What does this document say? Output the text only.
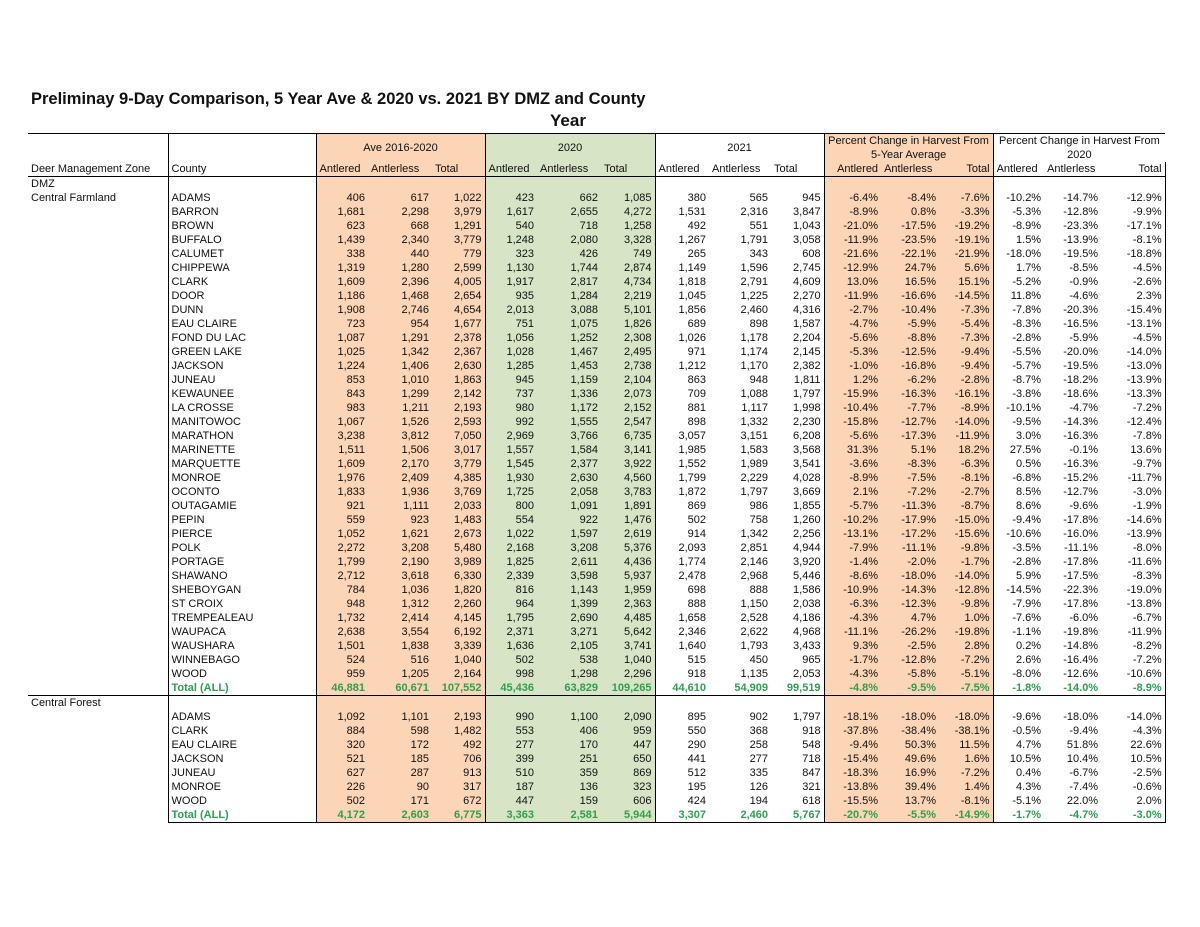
Preliminay 9-Day Comparison, 5 Year Ave & 2020 vs. 2021 BY DMZ and County
Year
		Ave 2016-2020			2020			2021			Percent Change in Harvest From 5-Year Average			Percent Change in Harvest From 2020		
Deer Management Zone	County	Antlered	Antlerless	Total	Antlered	Antlerless	Total	Antlered	Antlerless	Total	Antlered	Antlerless	Total	Antlered	Antlerless	Total
DMZ																
Central Farmland	ADAMS	406	617	1,022	423	662	1,085	380	565	945	-6.4%	-8.4%	-7.6%	-10.2%	-14.7%	-12.9%
	BARRON	1,681	2,298	3,979	1,617	2,655	4,272	1,531	2,316	3,847	-8.9%	0.8%	-3.3%	-5.3%	-12.8%	-9.9%
	BROWN	623	668	1,291	540	718	1,258	492	551	1,043	-21.0%	-17.5%	-19.2%	-8.9%	-23.3%	-17.1%
	BUFFALO	1,439	2,340	3,779	1,248	2,080	3,328	1,267	1,791	3,058	-11.9%	-23.5%	-19.1%	1.5%	-13.9%	-8.1%
	CALUMET	338	440	779	323	426	749	265	343	608	-21.6%	-22.1%	-21.9%	-18.0%	-19.5%	-18.8%
	CHIPPEWA	1,319	1,280	2,599	1,130	1,744	2,874	1,149	1,596	2,745	-12.9%	24.7%	5.6%	1.7%	-8.5%	-4.5%
	CLARK	1,609	2,396	4,005	1,917	2,817	4,734	1,818	2,791	4,609	13.0%	16.5%	15.1%	-5.2%	-0.9%	-2.6%
	DOOR	1,186	1,468	2,654	935	1,284	2,219	1,045	1,225	2,270	-11.9%	-16.6%	-14.5%	11.8%	-4.6%	2.3%
	DUNN	1,908	2,746	4,654	2,013	3,088	5,101	1,856	2,460	4,316	-2.7%	-10.4%	-7.3%	-7.8%	-20.3%	-15.4%
	EAU CLAIRE	723	954	1,677	751	1,075	1,826	689	898	1,587	-4.7%	-5.9%	-5.4%	-8.3%	-16.5%	-13.1%
	FOND DU LAC	1,087	1,291	2,378	1,056	1,252	2,308	1,026	1,178	2,204	-5.6%	-8.8%	-7.3%	-2.8%	-5.9%	-4.5%
	GREEN LAKE	1,025	1,342	2,367	1,028	1,467	2,495	971	1,174	2,145	-5.3%	-12.5%	-9.4%	-5.5%	-20.0%	-14.0%
	JACKSON	1,224	1,406	2,630	1,285	1,453	2,738	1,212	1,170	2,382	-1.0%	-16.8%	-9.4%	-5.7%	-19.5%	-13.0%
	JUNEAU	853	1,010	1,863	945	1,159	2,104	863	948	1,811	1.2%	-6.2%	-2.8%	-8.7%	-18.2%	-13.9%
	KEWAUNEE	843	1,299	2,142	737	1,336	2,073	709	1,088	1,797	-15.9%	-16.3%	-16.1%	-3.8%	-18.6%	-13.3%
	LA CROSSE	983	1,211	2,193	980	1,172	2,152	881	1,117	1,998	-10.4%	-7.7%	-8.9%	-10.1%	-4.7%	-7.2%
	MANITOWOC	1,067	1,526	2,593	992	1,555	2,547	898	1,332	2,230	-15.8%	-12.7%	-14.0%	-9.5%	-14.3%	-12.4%
	MARATHON	3,238	3,812	7,050	2,969	3,766	6,735	3,057	3,151	6,208	-5.6%	-17.3%	-11.9%	3.0%	-16.3%	-7.8%
	MARINETTE	1,511	1,506	3,017	1,557	1,584	3,141	1,985	1,583	3,568	31.3%	5.1%	18.2%	27.5%	-0.1%	13.6%
	MARQUETTE	1,609	2,170	3,779	1,545	2,377	3,922	1,552	1,989	3,541	-3.6%	-8.3%	-6.3%	0.5%	-16.3%	-9.7%
	MONROE	1,976	2,409	4,385	1,930	2,630	4,560	1,799	2,229	4,028	-8.9%	-7.5%	-8.1%	-6.8%	-15.2%	-11.7%
	OCONTO	1,833	1,936	3,769	1,725	2,058	3,783	1,872	1,797	3,669	2.1%	-7.2%	-2.7%	8.5%	-12.7%	-3.0%
	OUTAGAMIE	921	1,111	2,033	800	1,091	1,891	869	986	1,855	-5.7%	-11.3%	-8.7%	8.6%	-9.6%	-1.9%
	PEPIN	559	923	1,483	554	922	1,476	502	758	1,260	-10.2%	-17.9%	-15.0%	-9.4%	-17.8%	-14.6%
	PIERCE	1,052	1,621	2,673	1,022	1,597	2,619	914	1,342	2,256	-13.1%	-17.2%	-15.6%	-10.6%	-16.0%	-13.9%
	POLK	2,272	3,208	5,480	2,168	3,208	5,376	2,093	2,851	4,944	-7.9%	-11.1%	-9.8%	-3.5%	-11.1%	-8.0%
	PORTAGE	1,799	2,190	3,989	1,825	2,611	4,436	1,774	2,146	3,920	-1.4%	-2.0%	-1.7%	-2.8%	-17.8%	-11.6%
	SHAWANO	2,712	3,618	6,330	2,339	3,598	5,937	2,478	2,968	5,446	-8.6%	-18.0%	-14.0%	5.9%	-17.5%	-8.3%
	SHEBOYGAN	784	1,036	1,820	816	1,143	1,959	698	888	1,586	-10.9%	-14.3%	-12.8%	-14.5%	-22.3%	-19.0%
	ST CROIX	948	1,312	2,260	964	1,399	2,363	888	1,150	2,038	-6.3%	-12.3%	-9.8%	-7.9%	-17.8%	-13.8%
	TREMPEALEAU	1,732	2,414	4,145	1,795	2,690	4,485	1,658	2,528	4,186	-4.3%	4.7%	1.0%	-7.6%	-6.0%	-6.7%
	WAUPACA	2,638	3,554	6,192	2,371	3,271	5,642	2,346	2,622	4,968	-11.1%	-26.2%	-19.8%	-1.1%	-19.8%	-11.9%
	WAUSHARA	1,501	1,838	3,339	1,636	2,105	3,741	1,640	1,793	3,433	9.3%	-2.5%	2.8%	0.2%	-14.8%	-8.2%
	WINNEBAGO	524	516	1,040	502	538	1,040	515	450	965	-1.7%	-12.8%	-7.2%	2.6%	-16.4%	-7.2%
	WOOD	959	1,205	2,164	998	1,298	2,296	918	1,135	2,053	-4.3%	-5.8%	-5.1%	-8.0%	-12.6%	-10.6%
	Total (ALL)	46,881	60,671	107,552	45,436	63,829	109,265	44,610	54,909	99,519	-4.8%	-9.5%	-7.5%	-1.8%	-14.0%	-8.9%
Central Forest																
	ADAMS	1,092	1,101	2,193	990	1,100	2,090	895	902	1,797	-18.1%	-18.0%	-18.0%	-9.6%	-18.0%	-14.0%
	CLARK	884	598	1,482	553	406	959	550	368	918	-37.8%	-38.4%	-38.1%	-0.5%	-9.4%	-4.3%
	EAU CLAIRE	320	172	492	277	170	447	290	258	548	-9.4%	50.3%	11.5%	4.7%	51.8%	22.6%
	JACKSON	521	185	706	399	251	650	441	277	718	-15.4%	49.6%	1.6%	10.5%	10.4%	10.5%
	JUNEAU	627	287	913	510	359	869	512	335	847	-18.3%	16.9%	-7.2%	0.4%	-6.7%	-2.5%
	MONROE	226	90	317	187	136	323	195	126	321	-13.8%	39.4%	1.4%	4.3%	-7.4%	-0.6%
	WOOD	502	171	672	447	159	606	424	194	618	-15.5%	13.7%	-8.1%	-5.1%	22.0%	2.0%
	Total (ALL)	4,172	2,603	6,775	3,363	2,581	5,944	3,307	2,460	5,767	-20.7%	-5.5%	-14.9%	-1.7%	-4.7%	-3.0%
